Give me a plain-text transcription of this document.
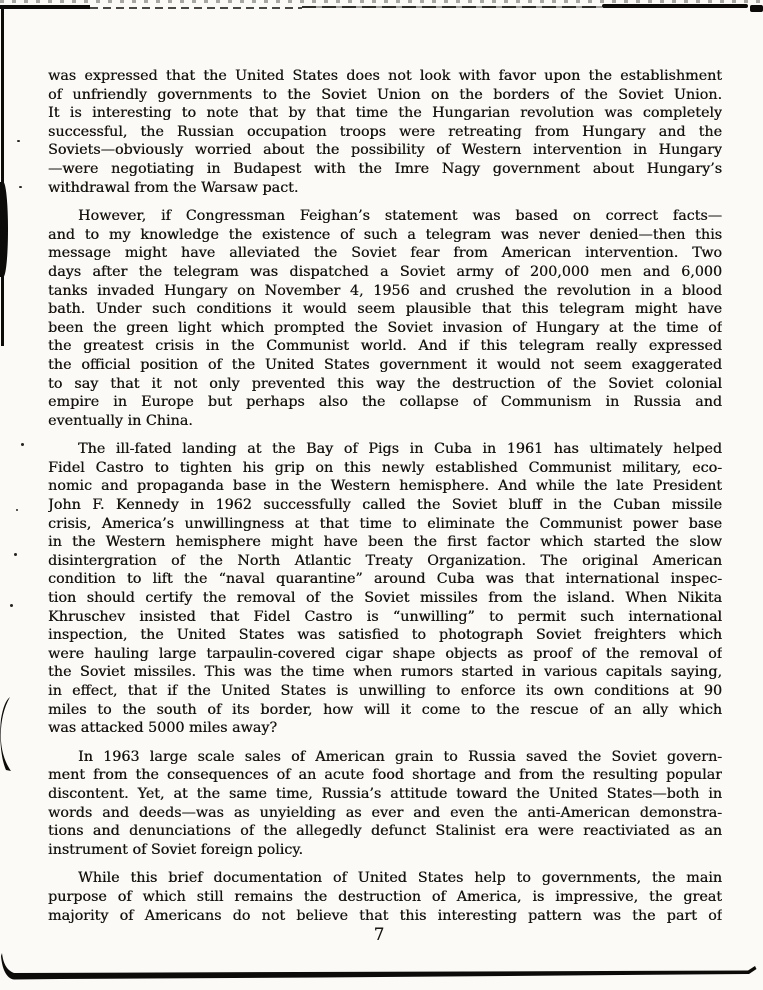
was expressed that the United States does not look with favor upon the establishment
of unfriendly governments to the Soviet Union on the borders of the Soviet Union.
It is interesting to note that by that time the Hungarian revolution was completely
successful, the Russian occupation troops were retreating from Hungary and the
Soviets—obviously worried about the possibility of Western intervention in Hungary
—were negotiating in Budapest with the Imre Nagy government about Hungary’s
withdrawal from the Warsaw pact.
However, if Congressman Feighan’s statement was based on correct facts—
and to my knowledge the existence of such a telegram was never denied—then this
message might have alleviated the Soviet fear from American intervention. Two
days after the telegram was dispatched a Soviet army of 200,000 men and 6,000
tanks invaded Hungary on November 4, 1956 and crushed the revolution in a blood
bath. Under such conditions it would seem plausible that this telegram might have
been the green light which prompted the Soviet invasion of Hungary at the time of
the greatest crisis in the Communist world. And if this telegram really expressed
the official position of the United States government it would not seem exaggerated
to say that it not only prevented this way the destruction of the Soviet colonial
empire in Europe but perhaps also the collapse of Communism in Russia and
eventually in China.
The ill-fated landing at the Bay of Pigs in Cuba in 1961 has ultimately helped
Fidel Castro to tighten his grip on this newly established Communist military, eco-
nomic and propaganda base in the Western hemisphere. And while the late President
John F. Kennedy in 1962 successfully called the Soviet bluff in the Cuban missile
crisis, America’s unwillingness at that time to eliminate the Communist power base
in the Western hemisphere might have been the first factor which started the slow
disintergration of the North Atlantic Treaty Organization. The original American
condition to lift the “naval quarantine” around Cuba was that international inspec-
tion should certify the removal of the Soviet missiles from the island. When Nikita
Khruschev insisted that Fidel Castro is “unwilling” to permit such international
inspection, the United States was satisfied to photograph Soviet freighters which
were hauling large tarpaulin-covered cigar shape objects as proof of the removal of
the Soviet missiles. This was the time when rumors started in various capitals saying,
in effect, that if the United States is unwilling to enforce its own conditions at 90
miles to the south of its border, how will it come to the rescue of an ally which
was attacked 5000 miles away?
In 1963 large scale sales of American grain to Russia saved the Soviet govern-
ment from the consequences of an acute food shortage and from the resulting popular
discontent. Yet, at the same time, Russia’s attitude toward the United States—both in
words and deeds—was as unyielding as ever and even the anti-American demonstra-
tions and denunciations of the allegedly defunct Stalinist era were reactiviated as an
instrument of Soviet foreign policy.
While this brief documentation of United States help to governments, the main
purpose of which still remains the destruction of America, is impressive, the great
majority of Americans do not believe that this interesting pattern was the part of
7
